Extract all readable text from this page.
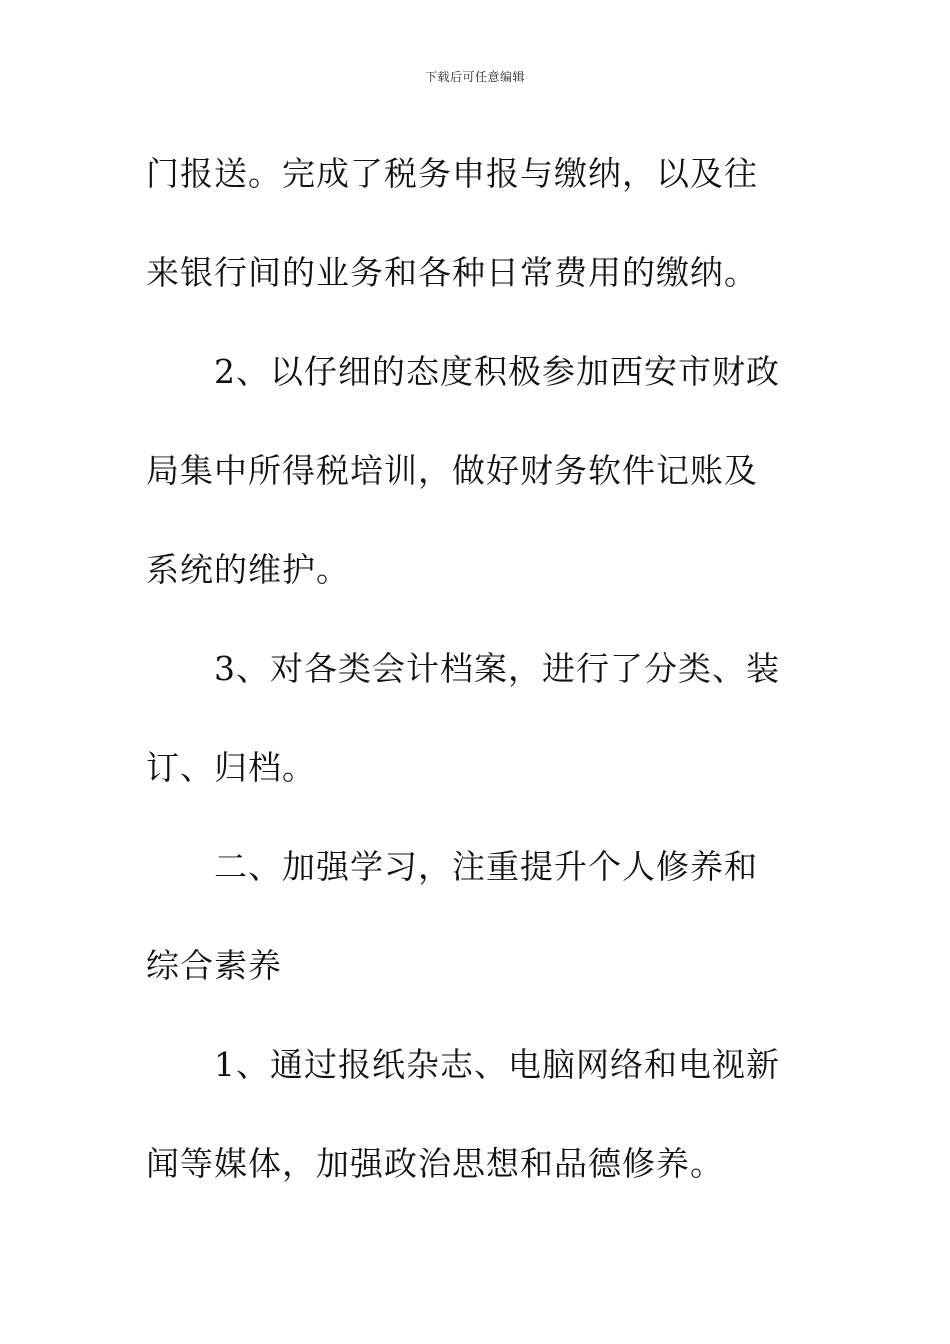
下载后可任意编辑

门报送。完成了税务申报与缴纳，以及往
来银行间的业务和各种日常费用的缴纳。

2、以仔细的态度积极参加西安市财政
局集中所得税培训，做好财务软件记账及
系统的维护。

3、对各类会计档案，进行了分类、装
订、归档。

二、加强学习，注重提升个人修养和
综合素养

1、通过报纸杂志、电脑网络和电视新
闻等媒体，加强政治思想和品德修养。
